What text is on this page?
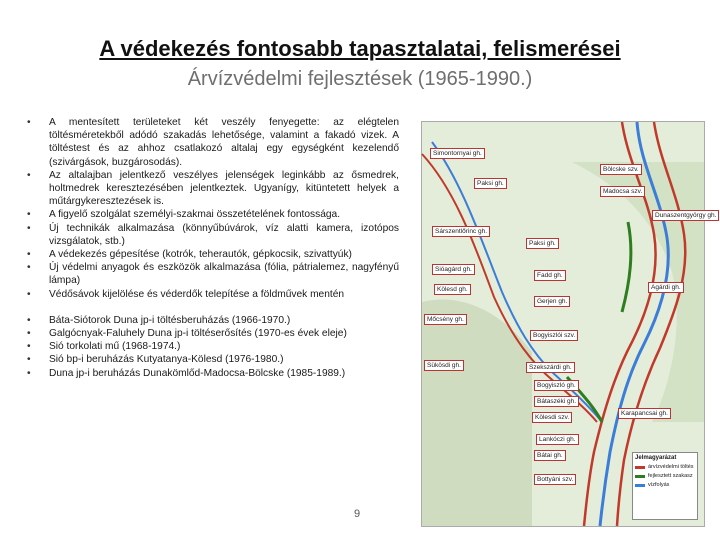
A védekezés fontosabb tapasztalatai, felismerései
Árvízvédelmi fejlesztések (1965-1990.)
• A mentesített területeket két veszély fenyegette: az elégtelen töltésméretekből adódó szakadás lehetősége, valamint a fakadó vizek. A töltéstest és az ahhoz csatlakozó altalaj egy egységként kezelendő (szivárgások, buzgárosodás).
• Az altalajban jelentkező veszélyes jelenségek leginkább az ősmedrek, holtmedrek keresztezésében jelentkeztek. Ugyanígy, kitüntetett helyek a műtárgykeresztezések is.
• A figyelő szolgálat személyi-szakmai összetételének fontossága.
• Új technikák alkalmazása (könnyűbúvárok, víz alatti kamera, izotópos vizsgálatok, stb.)
• A védekezés gépesítése (kotrók, teherautók, gépkocsik, szivattyúk)
• Új védelmi anyagok és eszközök alkalmazása (fólia, pátrialemez, nagyfényű lámpa)
• Védősávok kijelölése és véderdők telepítése a földművek mentén
• Báta-Siótorok Duna jp-i töltésberuházás (1966-1970.)
• Galgócnyak-Faluhely Duna jp-i töltéserősítés (1970-es évek eleje)
• Sió torkolati mű (1968-1974.)
• Sió bp-i beruházás Kutyatanya-Kölesd (1976-1980.)
• Duna jp-i beruházás Dunakömlőd-Madocsa-Bölcske (1985-1989.)
9
Simontornyai gh.
Bölcske szv.
Paksi gh.
Madocsa szv.
Sárszentlőrinc gh.
Dunaszentgyörgy gh.
Paksi gh.
Sióagárd gh.
Fadd gh.
Kölesd gh.
Gerjen gh.
Agárdi gh.
Mőcsény gh.
Bogyiszlói szv.
Sükösdi gh.	Szekszárdi gh.
Bogyiszló gh.
Bátaszéki gh.
Karapancsai gh.
Kölesdi szv.
Lankóczi gh.
Bátai gh.
Bottyáni szv.
Jelmagyarázat
árvízvédelmi töltés
fejlesztett szakasz
vízfolyás
